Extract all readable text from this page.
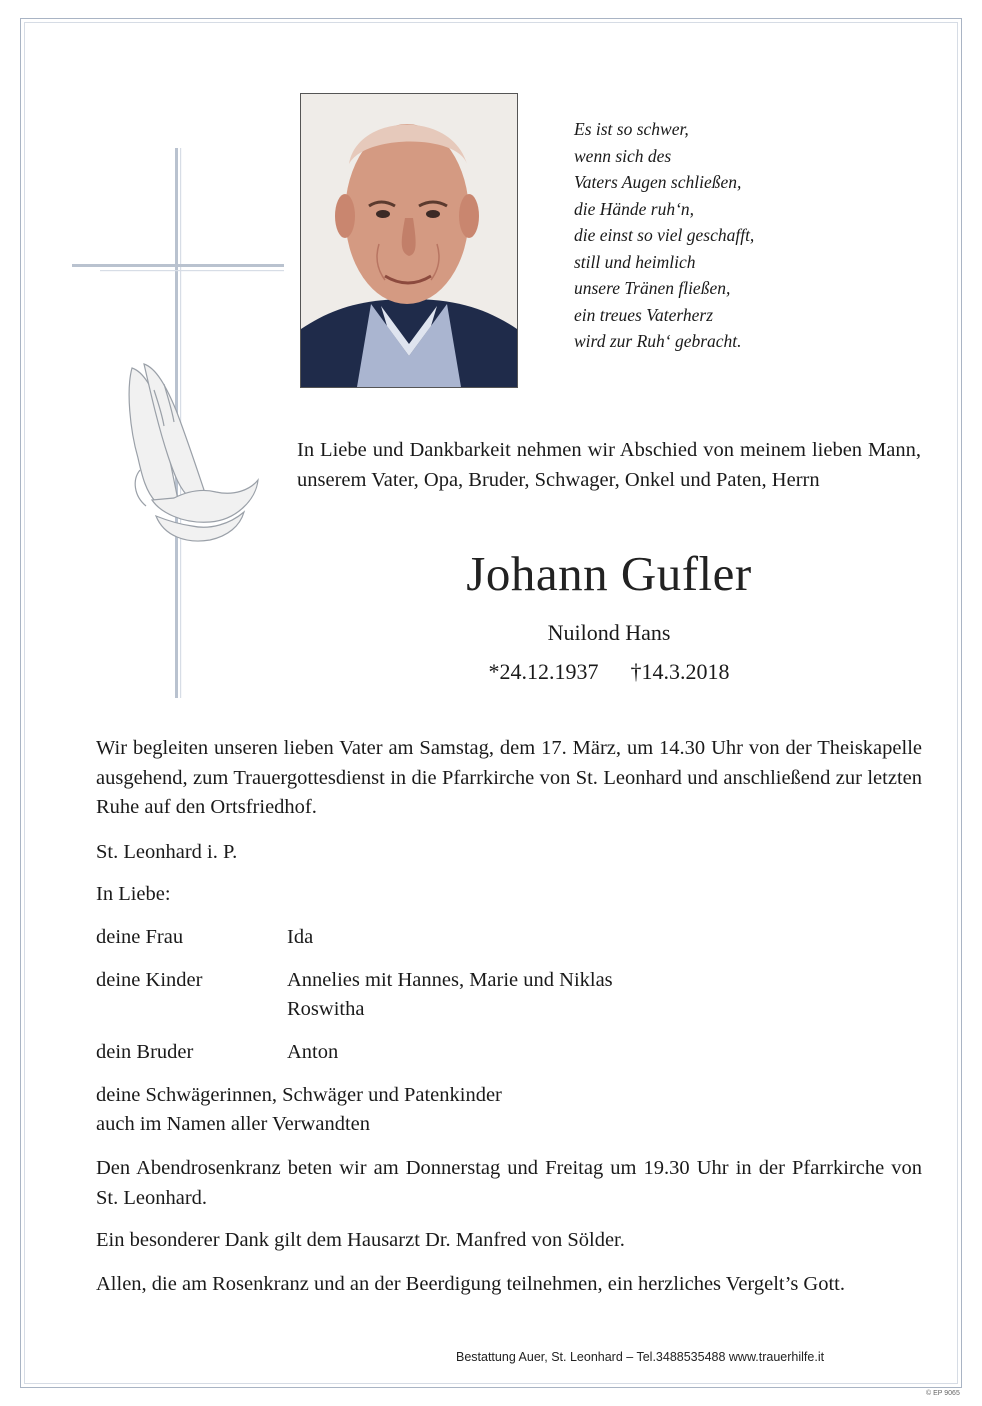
Es ist so schwer,
wenn sich des
Vaters Augen schließen,
die Hände ruh‘n,
die einst so viel geschafft,
still und heimlich
unsere Tränen fließen,
ein treues Vaterherz
wird zur Ruh‘ gebracht.
In Liebe und Dankbarkeit nehmen wir Abschied von meinem lieben Mann, unserem Vater, Opa, Bruder, Schwager, Onkel und Paten, Herrn
Johann Gufler
Nuilond Hans
*24.12.1937 †14.3.2018
Wir begleiten unseren lieben Vater am Samstag, dem 17. März, um 14.30 Uhr von der Theiskapelle ausgehend, zum Trauergottesdienst in die Pfarrkirche von St. Leonhard und anschließend zur letzten Ruhe auf den Ortsfriedhof.
St. Leonhard i. P.
In Liebe:
deine Frau	Ida
deine Kinder	Annelies mit Hannes, Marie und Niklas
Roswitha
dein Bruder	Anton
deine Schwägerinnen, Schwäger und Patenkinder
auch im Namen aller Verwandten
Den Abendrosenkranz beten wir am Donnerstag und Freitag um 19.30 Uhr in der Pfarrkirche von St. Leonhard.
Ein besonderer Dank gilt dem Hausarzt Dr. Manfred von Sölder.
Allen, die am Rosenkranz und an der Beerdigung teilnehmen, ein herzliches Vergelt’s Gott.
Bestattung Auer, St. Leonhard – Tel.3488535488 www.trauerhilfe.it
© EP 9065
